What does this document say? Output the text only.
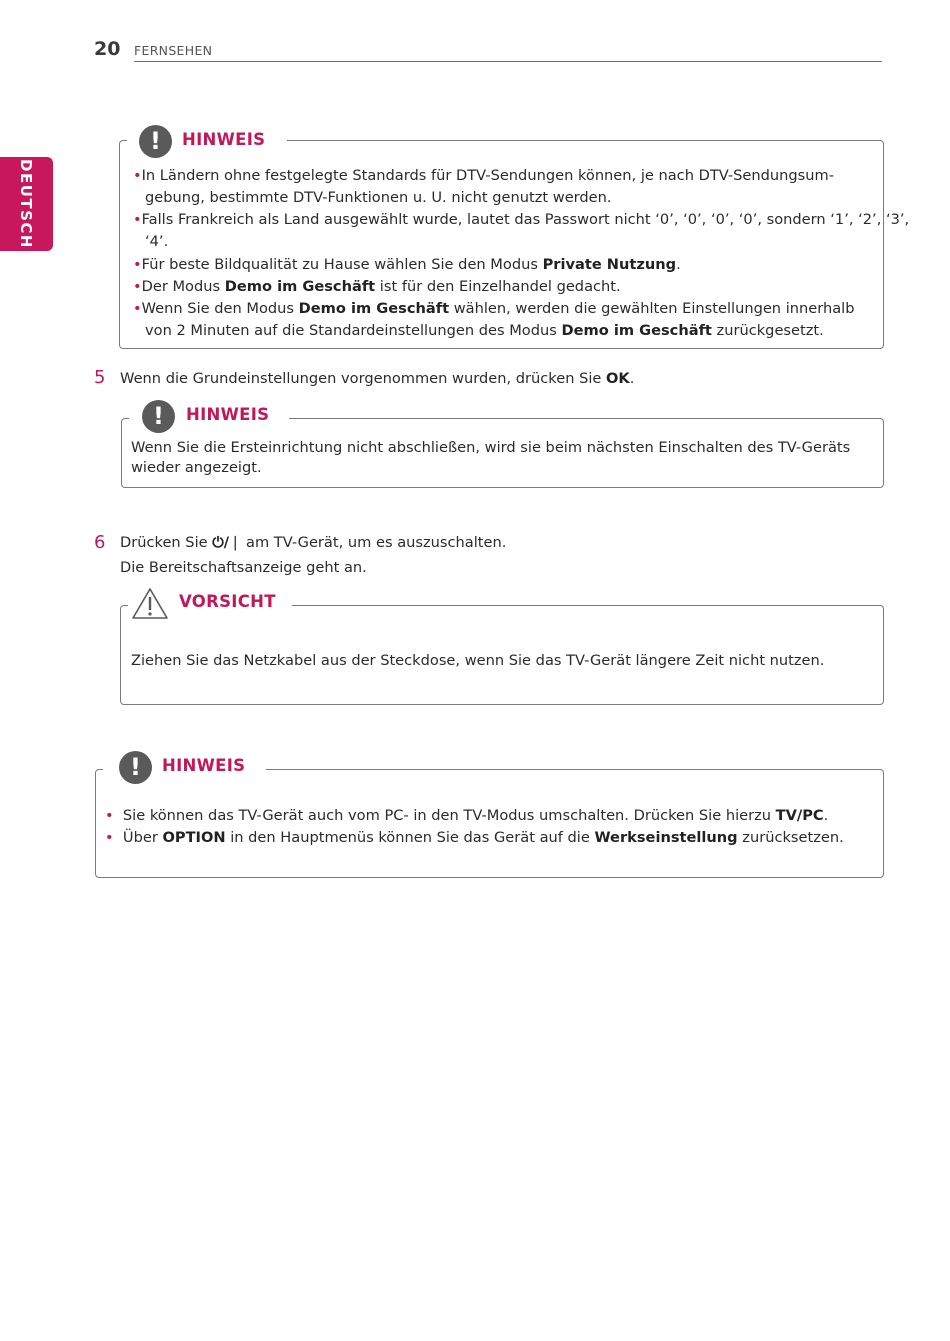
20 FERNSEHEN
DEUTSCH
!	HINWEIS
•In Ländern ohne festgelegte Standards für DTV-Sendungen können, je nach DTV-Sendungsum-
gebung, bestimmte DTV-Funktionen u. U. nicht genutzt werden.
•Falls Frankreich als Land ausgewählt wurde, lautet das Passwort nicht ‘0’, ‘0’, ‘0’, ‘0’, sondern ‘1’, ‘2’, ‘3’,
‘4’.
•Für beste Bildqualität zu Hause wählen Sie den Modus Private Nutzung.
•Der Modus Demo im Geschäft ist für den Einzelhandel gedacht.
•Wenn Sie den Modus Demo im Geschäft wählen, werden die gewählten Einstellungen innerhalb
von 2 Minuten auf die Standardeinstellungen des Modus Demo im Geschäft zurückgesetzt.
5 Wenn die Grundeinstellungen vorgenommen wurden, drücken Sie OK.
!	HINWEIS
Wenn Sie die Ersteinrichtung nicht abschließen, wird sie beim nächsten Einschalten des TV-Geräts
wieder angezeigt.
6 Drücken Sie ⏻/❘ am TV-Gerät, um es auszuschalten.
Die Bereitschaftsanzeige geht an.
VORSICHT
Ziehen Sie das Netzkabel aus der Steckdose, wenn Sie das TV-Gerät längere Zeit nicht nutzen.
!	HINWEIS
• Sie können das TV-Gerät auch vom PC- in den TV-Modus umschalten. Drücken Sie hierzu TV/PC.
• Über OPTION in den Hauptmenüs können Sie das Gerät auf die Werkseinstellung zurücksetzen.
